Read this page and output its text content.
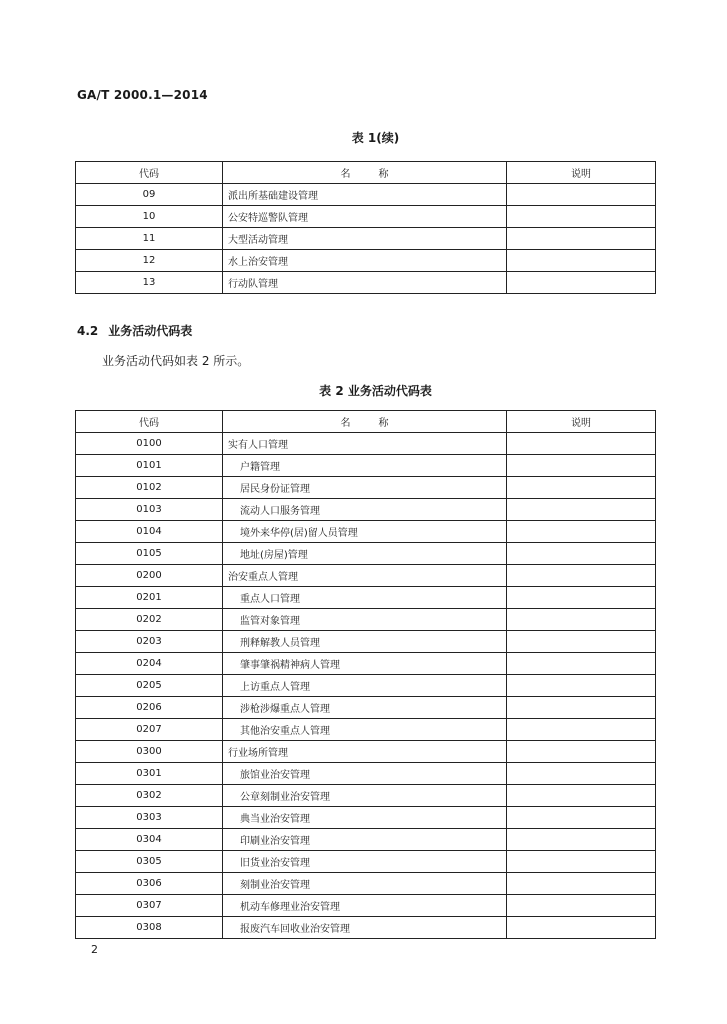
GA/T 2000.1—2014
表 1(续)
代码	名称	说明
09	派出所基础建设管理	
10	公安特巡警队管理	
11	大型活动管理	
12	水上治安管理	
13	行动队管理	
4.2 业务活动代码表
业务活动代码如表 2 所示。
表 2 业务活动代码表
代码	名称	说明
0100	实有人口管理	
0101	户籍管理	
0102	居民身份证管理	
0103	流动人口服务管理	
0104	境外来华停(居)留人员管理	
0105	地址(房屋)管理	
0200	治安重点人管理	
0201	重点人口管理	
0202	监管对象管理	
0203	刑释解教人员管理	
0204	肇事肇祸精神病人管理	
0205	上访重点人管理	
0206	涉枪涉爆重点人管理	
0207	其他治安重点人管理	
0300	行业场所管理	
0301	旅馆业治安管理	
0302	公章刻制业治安管理	
0303	典当业治安管理	
0304	印刷业治安管理	
0305	旧货业治安管理	
0306	刻制业治安管理	
0307	机动车修理业治安管理	
0308	报废汽车回收业治安管理	
2
